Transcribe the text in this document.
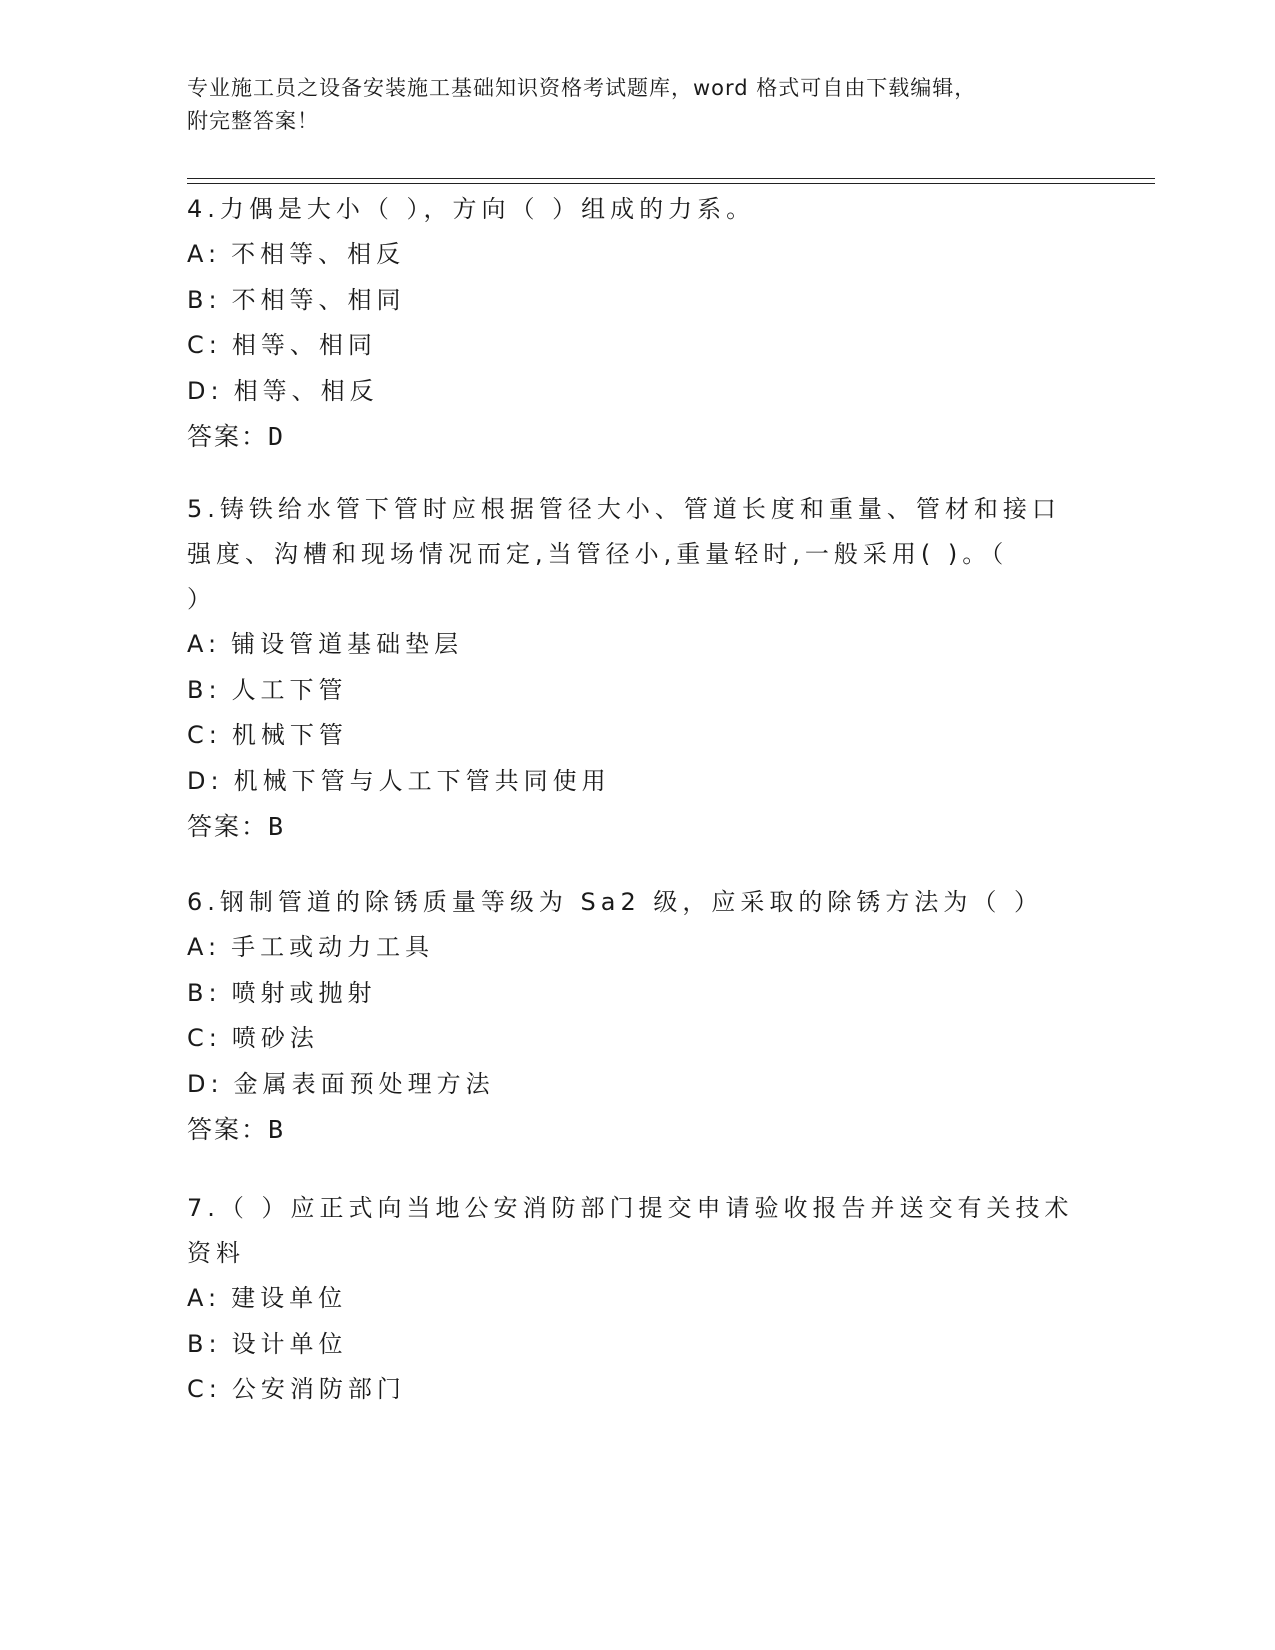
专业施工员之设备安装施工基础知识资格考试题库，word 格式可自由下载编辑，
附完整答案！
4.力偶是大小（ ），方向（ ）组成的力系。
A: 不相等、相反
B: 不相等、相同
C: 相等、相同
D: 相等、相反
答案：D
5.铸铁给水管下管时应根据管径大小、管道长度和重量、管材和接口
强度、沟槽和现场情况而定,当管径小,重量轻时,一般采用( )。（
）
A: 铺设管道基础垫层
B: 人工下管
C: 机械下管
D: 机械下管与人工下管共同使用
答案：B
6.钢制管道的除锈质量等级为 Sa2 级，应采取的除锈方法为（ ）
A: 手工或动力工具
B: 喷射或抛射
C: 喷砂法
D: 金属表面预处理方法
答案：B
7.（ ）应正式向当地公安消防部门提交申请验收报告并送交有关技术
资料
A: 建设单位
B: 设计单位
C: 公安消防部门
